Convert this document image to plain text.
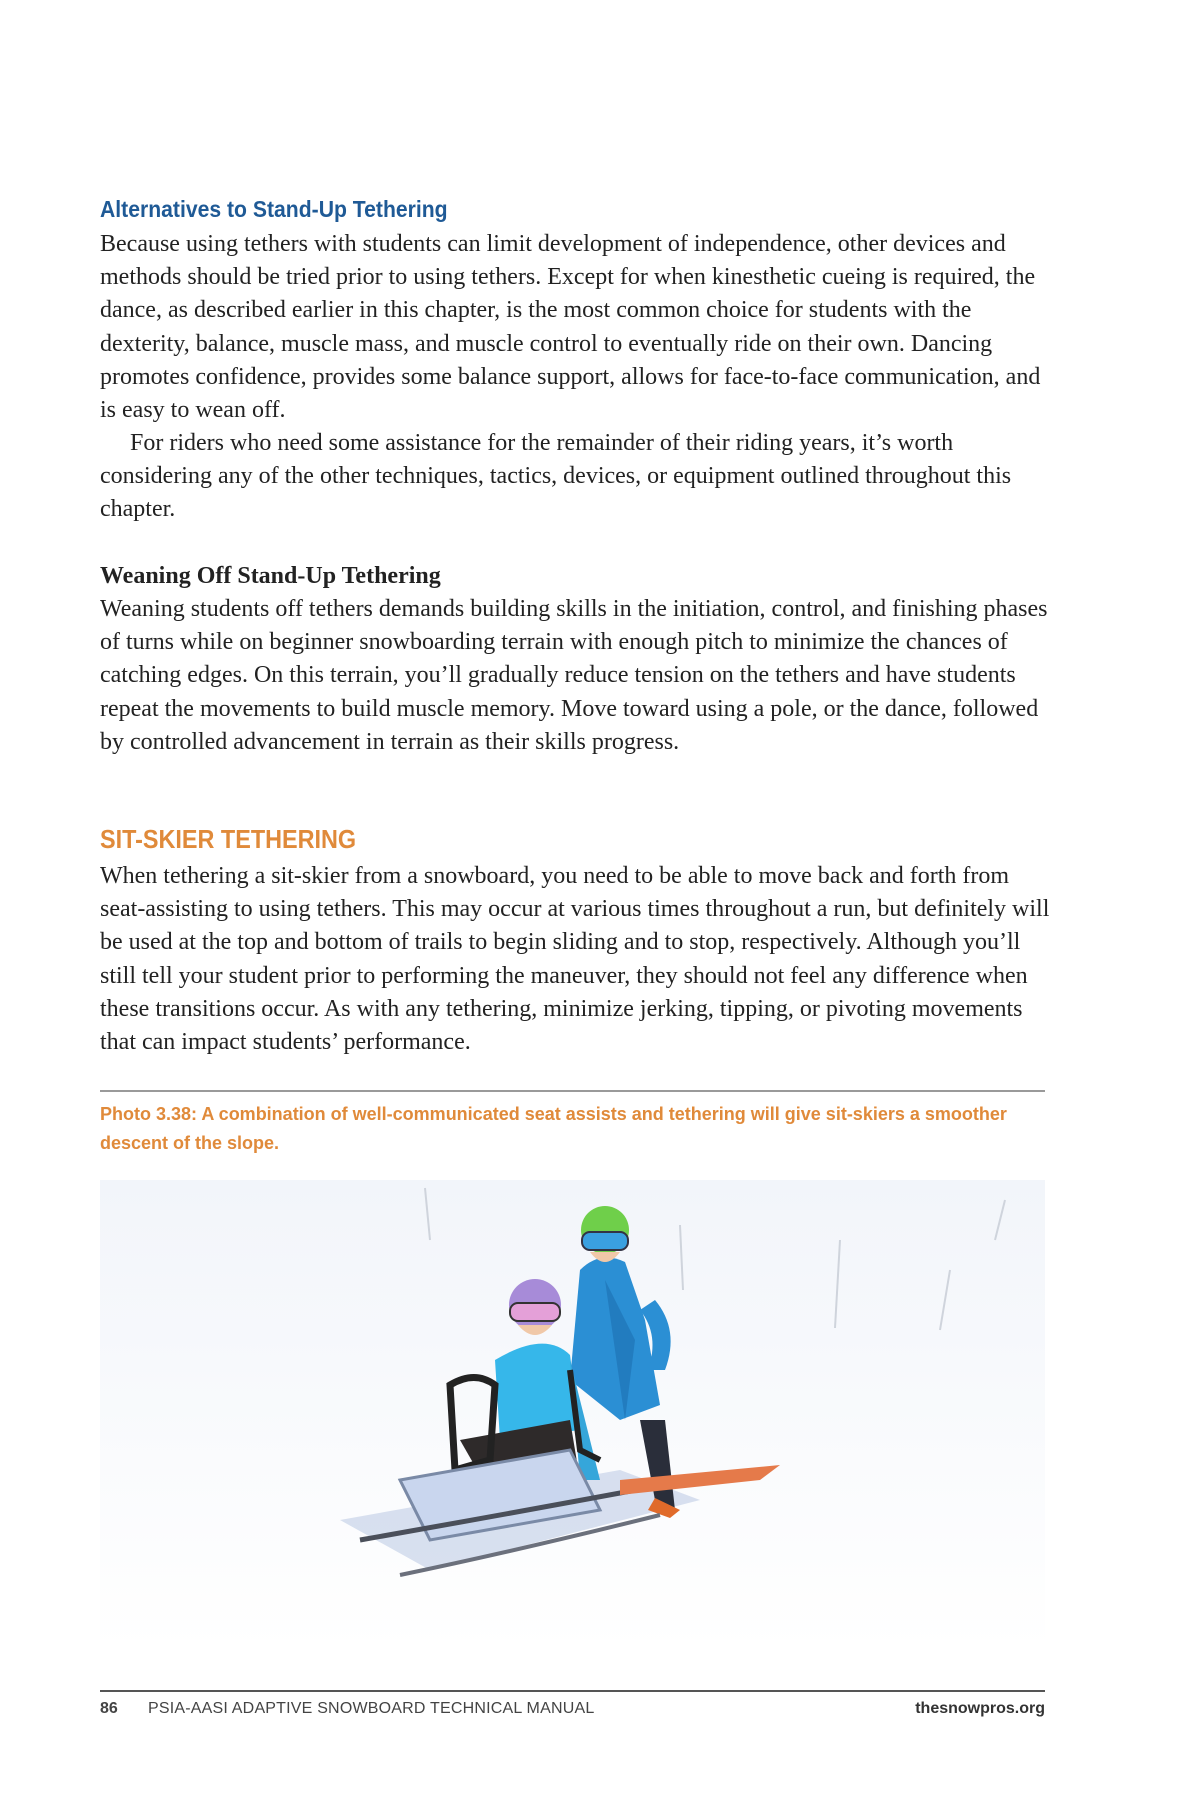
Alternatives to Stand-Up Tethering

Because using tethers with students can limit development of independence, other devices and methods should be tried prior to using tethers. Except for when kinesthetic cueing is required, the dance, as described earlier in this chapter, is the most common choice for students with the dexterity, balance, muscle mass, and muscle control to eventually ride on their own. Dancing promotes confidence, provides some balance support, allows for face-to-face communication, and is easy to wean off.

For riders who need some assistance for the remainder of their riding years, it’s worth considering any of the other techniques, tactics, devices, or equipment outlined throughout this chapter.

Weaning Off Stand-Up Tethering

Weaning students off tethers demands building skills in the initiation, control, and finishing phases of turns while on beginner snowboarding terrain with enough pitch to minimize the chances of catching edges. On this terrain, you’ll gradually reduce tension on the tethers and have students repeat the movements to build muscle memory. Move toward using a pole, or the dance, followed by controlled advancement in terrain as their skills progress.

SIT-SKIER TETHERING

When tethering a sit-skier from a snowboard, you need to be able to move back and forth from seat-assisting to using tethers. This may occur at various times throughout a run, but definitely will be used at the top and bottom of trails to begin sliding and to stop, respectively. Although you’ll still tell your student prior to performing the maneuver, they should not feel any difference when these transitions occur. As with any tethering, minimize jerking, tipping, or pivoting movements that can impact students’ performance.

Photo 3.38: A combination of well-communicated seat assists and tethering will give sit-skiers a smoother descent of the slope.

86 PSIA-AASI ADAPTIVE SNOWBOARD TECHNICAL MANUAL	thesnowpros.org
